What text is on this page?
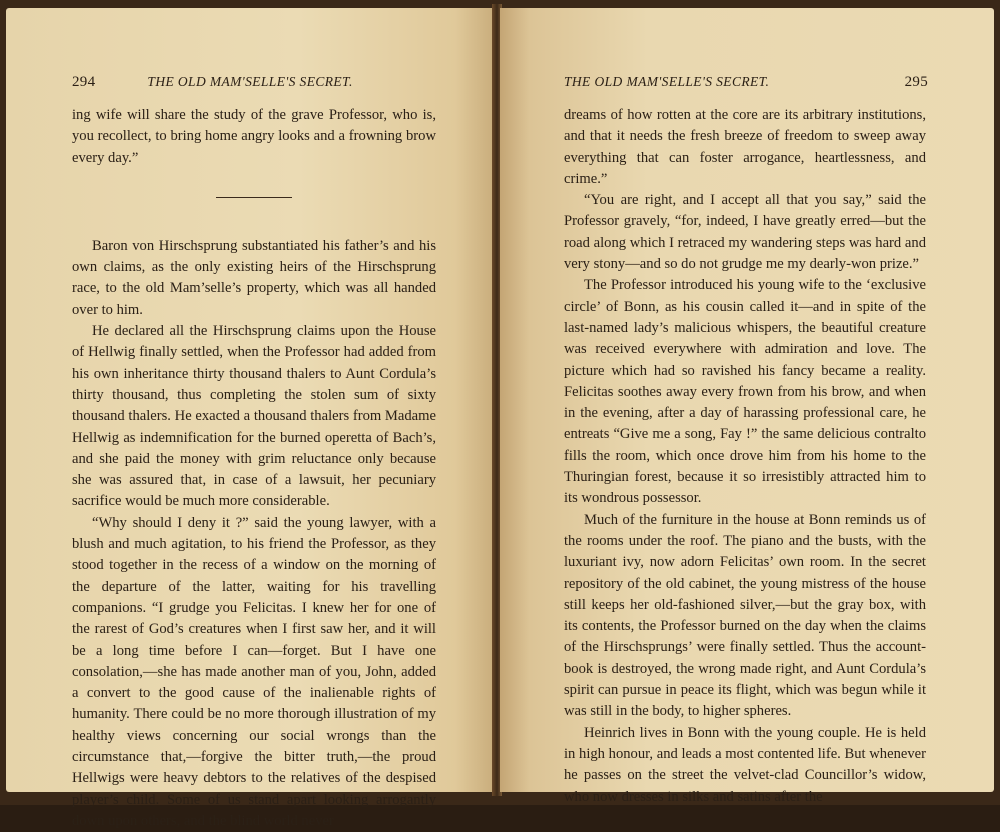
294	THE OLD MAM'SELLE'S SECRET.

ing wife will share the study of the grave Professor, who is, you recollect, to bring home angry looks and a frowning brow every day.”

Baron von Hirschsprung substantiated his father’s and his own claims, as the only existing heirs of the Hirschsprung race, to the old Mam’selle’s property, which was all handed over to him.

He declared all the Hirschsprung claims upon the House of Hellwig finally settled, when the Professor had added from his own inheritance thirty thousand thalers to Aunt Cordula’s thirty thousand, thus completing the stolen sum of sixty thousand thalers. He exacted a thousand thalers from Madame Hellwig as indemnification for the burned operetta of Bach’s, and she paid the money with grim reluctance only because she was assured that, in case of a lawsuit, her pecuniary sacrifice would be much more considerable.

“Why should I deny it ?” said the young lawyer, with a blush and much agitation, to his friend the Professor, as they stood together in the recess of a window on the morning of the departure of the latter, waiting for his travelling companions. “I grudge you Felicitas. I knew her for one of the rarest of God’s creatures when I first saw her, and it will be a long time before I can—forget. But I have one consolation,—she has made another man of you, John, added a convert to the good cause of the inalienable rights of humanity. There could be no more thorough illustration of my healthy views concerning our social wrongs than the circumstance that,—forgive the bitter truth,—the proud Hellwigs were heavy debtors to the relatives of the despised player’s child. Some of us stand apart looking arrogantly down upon others, and the blind world never

THE OLD MAM'SELLE'S SECRET.	295

dreams of how rotten at the core are its arbitrary institutions, and that it needs the fresh breeze of freedom to sweep away everything that can foster arrogance, heartlessness, and crime.”

“You are right, and I accept all that you say,” said the Professor gravely, “for, indeed, I have greatly erred—but the road along which I retraced my wandering steps was hard and very stony—and so do not grudge me my dearly-won prize.”

The Professor introduced his young wife to the ‘exclusive circle’ of Bonn, as his cousin called it—and in spite of the last-named lady’s malicious whispers, the beautiful creature was received everywhere with admiration and love. The picture which had so ravished his fancy became a reality. Felicitas soothes away every frown from his brow, and when in the evening, after a day of harassing professional care, he entreats “Give me a song, Fay !” the same delicious contralto fills the room, which once drove him from his home to the Thuringian forest, because it so irresistibly attracted him to its wondrous possessor.

Much of the furniture in the house at Bonn reminds us of the rooms under the roof. The piano and the busts, with the luxuriant ivy, now adorn Felicitas’ own room. In the secret repository of the old cabinet, the young mistress of the house still keeps her old-fashioned silver,—but the gray box, with its contents, the Professor burned on the day when the claims of the Hirschsprungs’ were finally settled. Thus the account-book is destroyed, the wrong made right, and Aunt Cordula’s spirit can pursue in peace its flight, which was begun while it was still in the body, to higher spheres.

Heinrich lives in Bonn with the young couple. He is held in high honour, and leads a most contented life. But whenever he passes on the street the velvet-clad Councillor’s widow, who now dresses in silks and satins after the
